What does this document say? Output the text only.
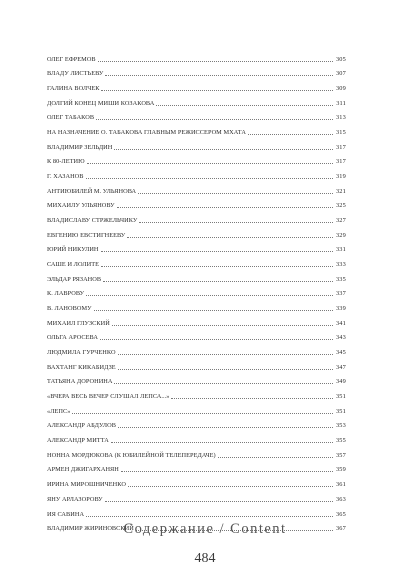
ОЛЕГ ЕФРЕМОВ	305
ВЛАДУ ЛИСТЬЕВУ	307
ГАЛИНА ВОЛЧЕК	309
ДОЛГИЙ КОНЕЦ МИШИ КОЗАКОВА	311
ОЛЕГ ТАБАКОВ	313
НА НАЗНАЧЕНИЕ О. ТАБАКОВА ГЛАВНЫМ РЕЖИССЕРОМ МХАТА	315
ВЛАДИМИР ЗЕЛЬДИН	317
К 80-ЛЕТИЮ	317
Г. ХАЗАНОВ	319
АНТИЮБИЛЕЙ М. УЛЬЯНОВА	321
МИХАИЛУ УЛЬЯНОВУ	325
ВЛАДИСЛАВУ СТРЖЕЛЬЧИКУ	327
ЕВГЕНИЮ ЕВСТИГНЕЕВУ	329
ЮРИЙ НИКУЛИН	331
САШЕ И ЛОЛИТЕ	333
ЭЛЬДАР РЯЗАНОВ	335
К. ЛАВРОВУ	337
В. ЛАНОВОМУ	339
МИХАИЛ ГЛУЗСКИЙ	341
ОЛЬГА АРОСЕВА	343
ЛЮДМИЛА ГУРЧЕНКО	345
ВАХТАНГ КИКАБИДЗЕ	347
ТАТЬЯНА ДОРОНИНА	349
«ВЧЕРА ВЕСЬ ВЕЧЕР СЛУШАЛ ЛЕПСА...»	351
«ЛЕПС»	351
АЛЕКСАНДР АБДУЛОВ	353
АЛЕКСАНДР МИТТА	355
НОННА МОРДЮКОВА (К ЮБИЛЕЙНОЙ ТЕЛЕПЕРЕДАЧЕ)	357
АРМЕН ДЖИГАРХАНЯН	359
ИРИНА МИРОШНИЧЕНКО	361
ЯНУ АРЛАЗОРОВУ	363
ИЯ САВИНА	365
ВЛАДИМИР ЖИРИНОВСКИЙ	367

Содержание / Content

484
